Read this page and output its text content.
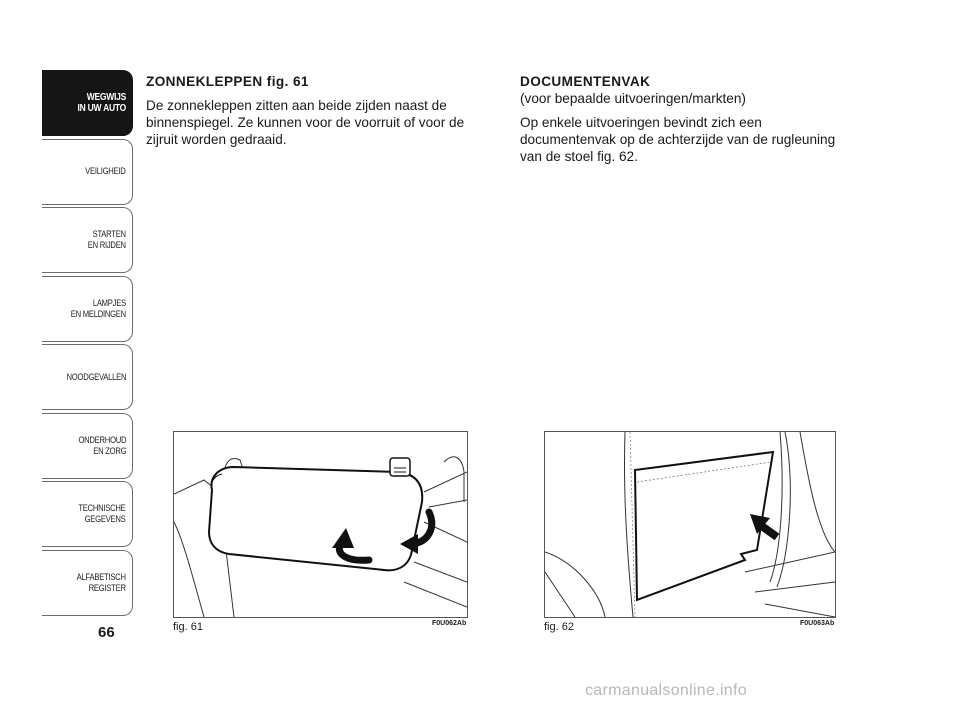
WEGWIJS
IN UW AUTO
VEILIGHEID
STARTEN
EN RIJDEN
LAMPJES
EN MELDINGEN
NOODGEVALLEN
ONDERHOUD
EN ZORG
TECHNISCHE
GEGEVENS
ALFABETISCH
REGISTER
66

ZONNEKLEPPEN fig. 61

De zonnekleppen zitten aan beide zijden naast de binnenspiegel. Ze kunnen voor de voorruit of voor de zijruit worden gedraaid.

DOCUMENTENVAK

(voor bepaalde uitvoeringen/markten)

Op enkele uitvoeringen bevindt zich een documentenvak op de achterzijde van de rugleuning van de stoel fig. 62.

fig. 61	F0U062Ab	fig. 62	F0U063Ab
carmanualsonline.info
